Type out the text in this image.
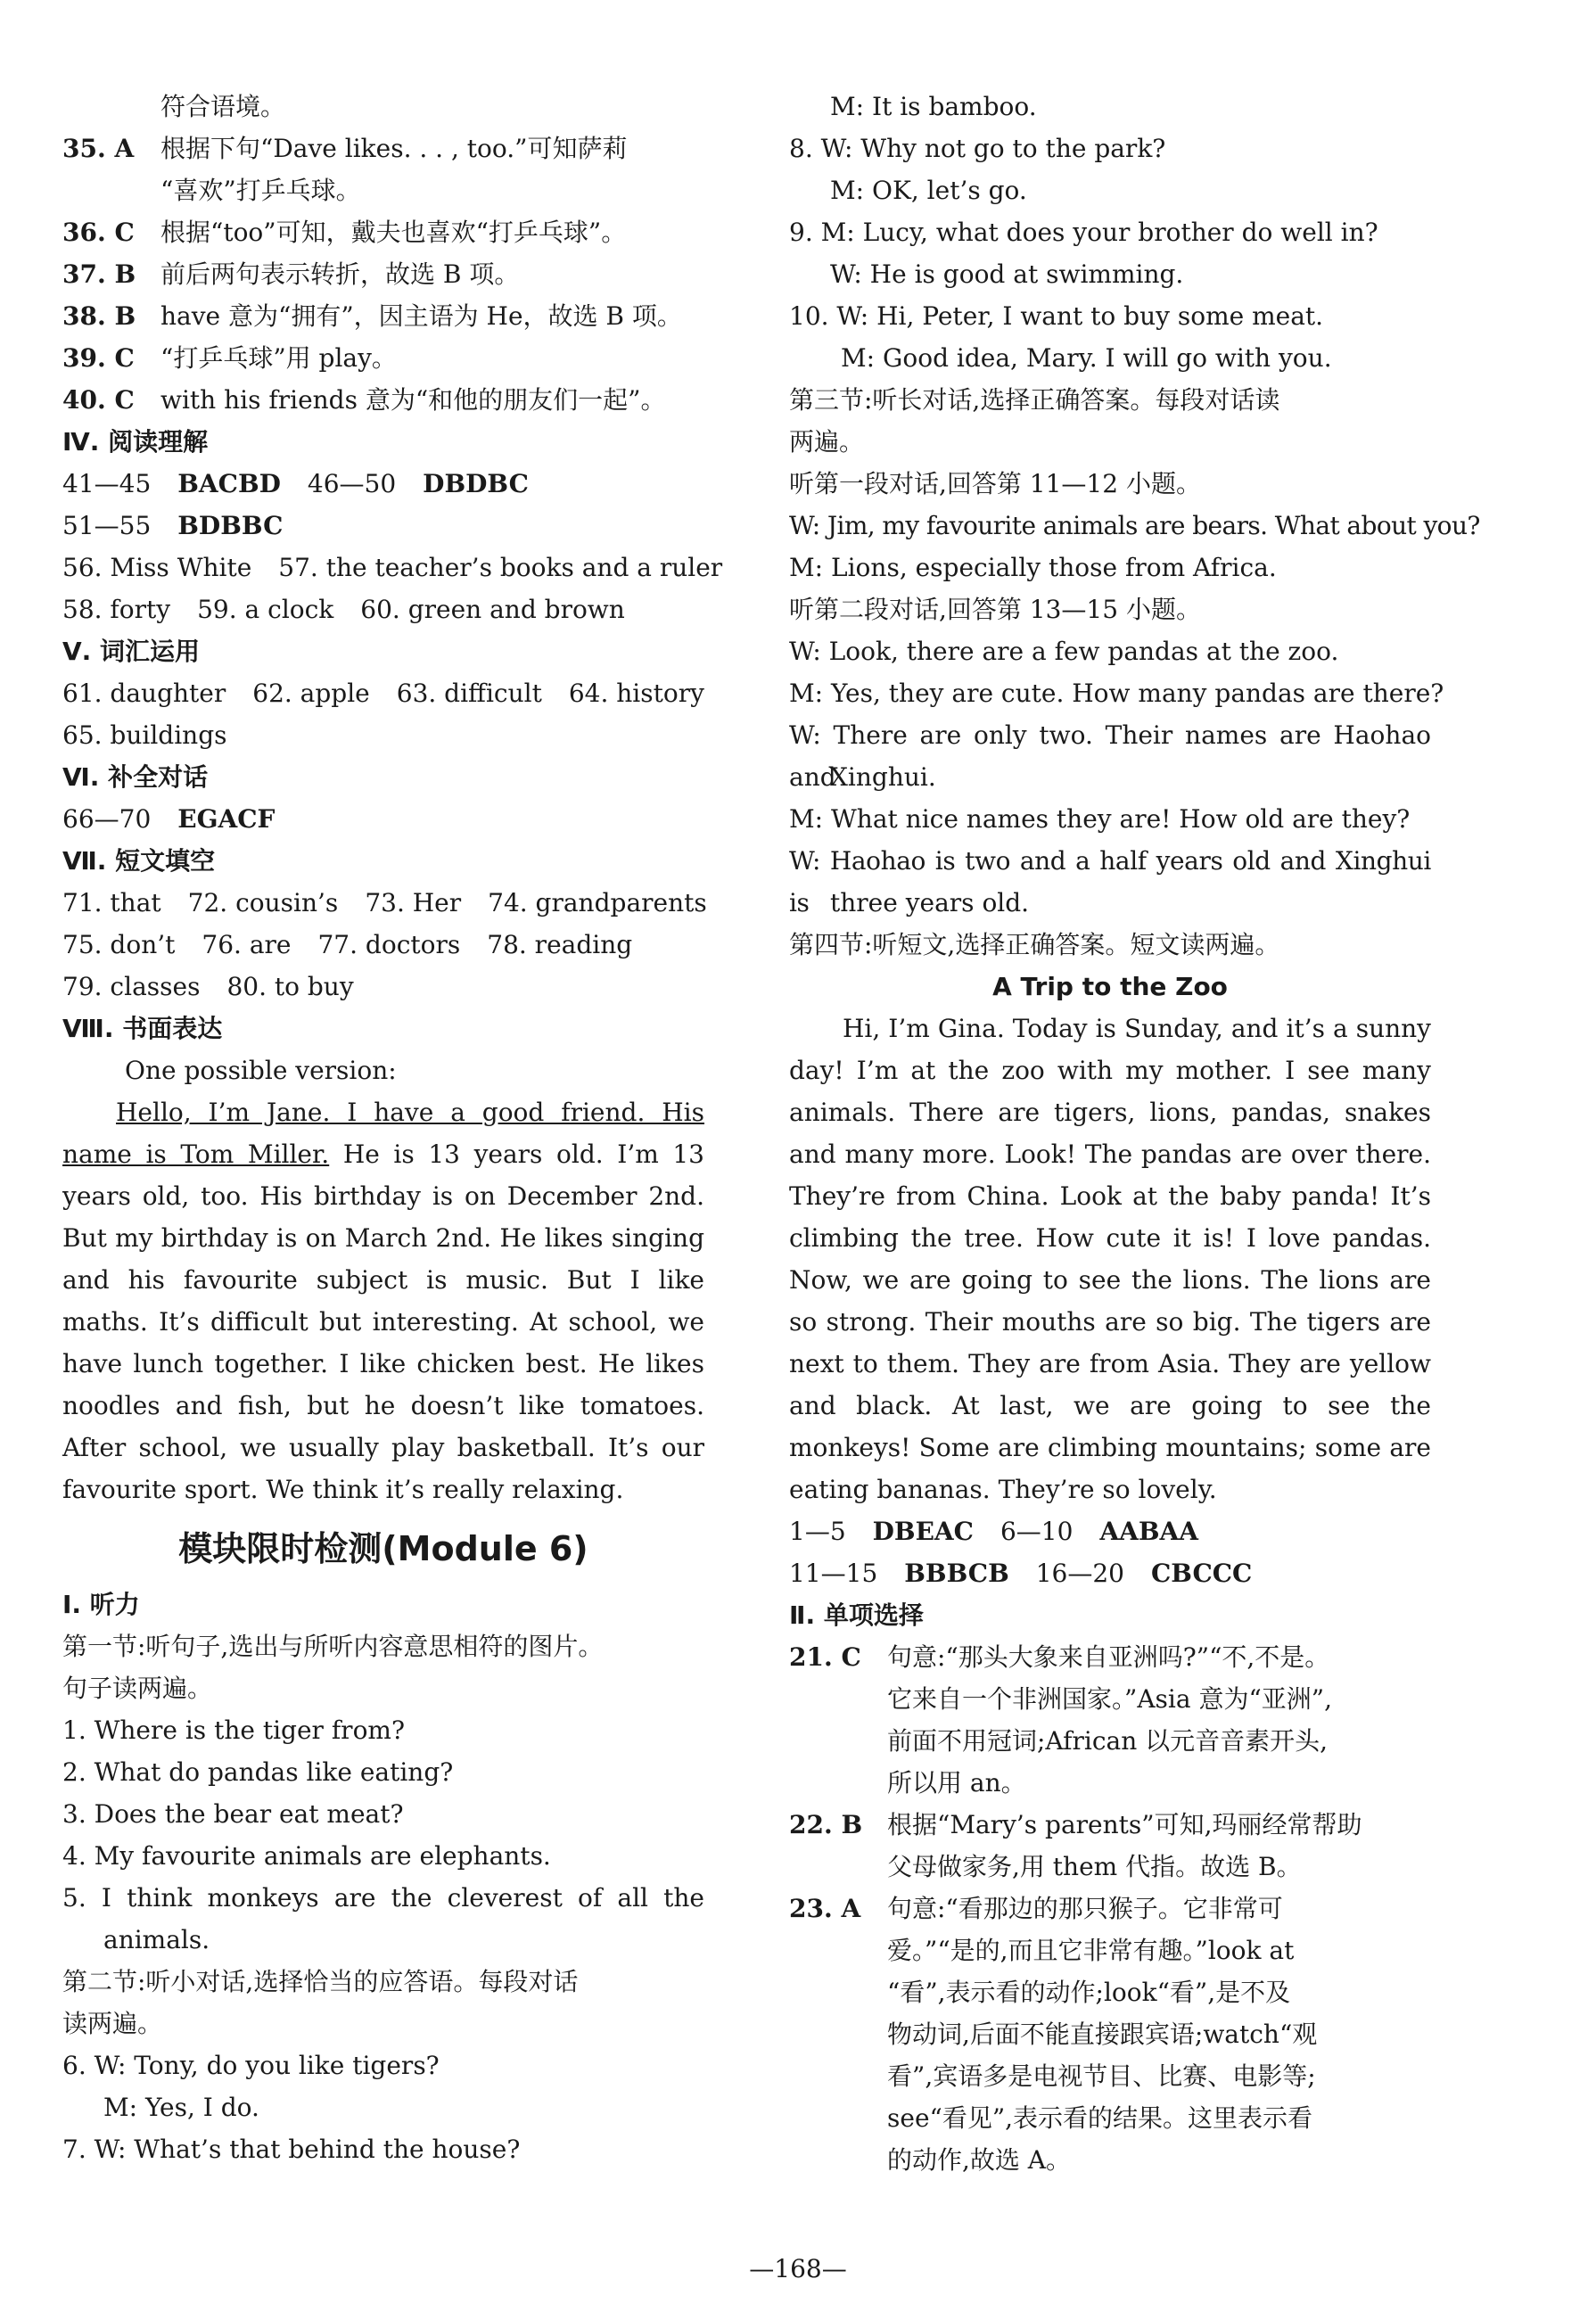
符合语境。
35. A 根据下句“Dave likes. . . , too.”可知萨莉
“喜欢”打乒乓球。
36. C 根据“too”可知，戴夫也喜欢“打乒乓球”。
37. B 前后两句表示转折，故选 B 项。
38. B have 意为“拥有”，因主语为 He，故选 B 项。
39. C “打乒乓球”用 play。
40. C with his friends 意为“和他的朋友们一起”。
Ⅳ. 阅读理解
41—45 BACBD 46—50 DBDBC
51—55 BDBBC
56. Miss White 57. the teacher’s books and a ruler
58. forty 59. a clock 60. green and brown
Ⅴ. 词汇运用
61. daughter 62. apple 63. difficult 64. history
65. buildings
Ⅵ. 补全对话
66—70 EGACF
Ⅶ. 短文填空
71. that 72. cousin’s 73. Her 74. grandparents
75. don’t 76. are 77. doctors 78. reading
79. classes 80. to buy
Ⅷ. 书面表达
One possible version:
Hello, I’m Jane. I have a good friend. His name is Tom Miller. He is 13 years old. I’m 13 years old, too. His birthday is on December 2nd. But my birthday is on March 2nd. He likes singing and his favourite subject is music. But I like maths. It’s difficult but interesting. At school, we have lunch together. I like chicken best. He likes noodles and fish, but he doesn’t like tomatoes. After school, we usually play basketball. It’s our favourite sport. We think it’s really relaxing.
模块限时检测(Module 6)
Ⅰ. 听力
第一节:听句子,选出与所听内容意思相符的图片。
句子读两遍。
1. Where is the tiger from?
2. What do pandas like eating?
3. Does the bear eat meat?
4. My favourite animals are elephants.
5. I think monkeys are the cleverest of all the
animals.
第二节:听小对话,选择恰当的应答语。每段对话
读两遍。
6. W: Tony, do you like tigers?
M: Yes, I do.
7. W: What’s that behind the house?
M: It is bamboo.
8. W: Why not go to the park?
M: OK, let’s go.
9. M: Lucy, what does your brother do well in?
W: He is good at swimming.
10. W: Hi, Peter, I want to buy some meat.
M: Good idea, Mary. I will go with you.
第三节:听长对话,选择正确答案。每段对话读
两遍。
听第一段对话,回答第 11—12 小题。
W: Jim, my favourite animals are bears. What about you?
M: Lions, especially those from Africa.
听第二段对话,回答第 13—15 小题。
W: Look, there are a few pandas at the zoo.
M: Yes, they are cute. How many pandas are there?
W: There are only two. Their names are Haohao and
Xinghui.
M: What nice names they are! How old are they?
W: Haohao is two and a half years old and Xinghui is three years old.
第四节:听短文,选择正确答案。短文读两遍。
A Trip to the Zoo
Hi, I’m Gina. Today is Sunday, and it’s a sunny day! I’m at the zoo with my mother. I see many animals. There are tigers, lions, pandas, snakes and many more. Look! The pandas are over there. They’re from China. Look at the baby panda! It’s climbing the tree. How cute it is! I love pandas. Now, we are going to see the lions. The lions are so strong. Their mouths are so big. The tigers are next to them. They are from Asia. They are yellow and black. At last, we are going to see the monkeys! Some are climbing mountains; some are eating bananas. They’re so lovely.
1—5 DBEAC 6—10 AABAA
11—15 BBBCB 16—20 CBCCC
Ⅱ. 单项选择
21. C 句意:“那头大象来自亚洲吗?”“不,不是。
它来自一个非洲国家。”Asia 意为“亚洲”,
前面不用冠词;African 以元音音素开头,
所以用 an。
22. B 根据“Mary’s parents”可知,玛丽经常帮助
父母做家务,用 them 代指。故选 B。
23. A 句意:“看那边的那只猴子。它非常可
爱。”“是的,而且它非常有趣。”look at
“看”,表示看的动作;look“看”,是不及
物动词,后面不能直接跟宾语;watch“观
看”,宾语多是电视节目、比赛、电影等;
see“看见”,表示看的结果。这里表示看
的动作,故选 A。
—168—
